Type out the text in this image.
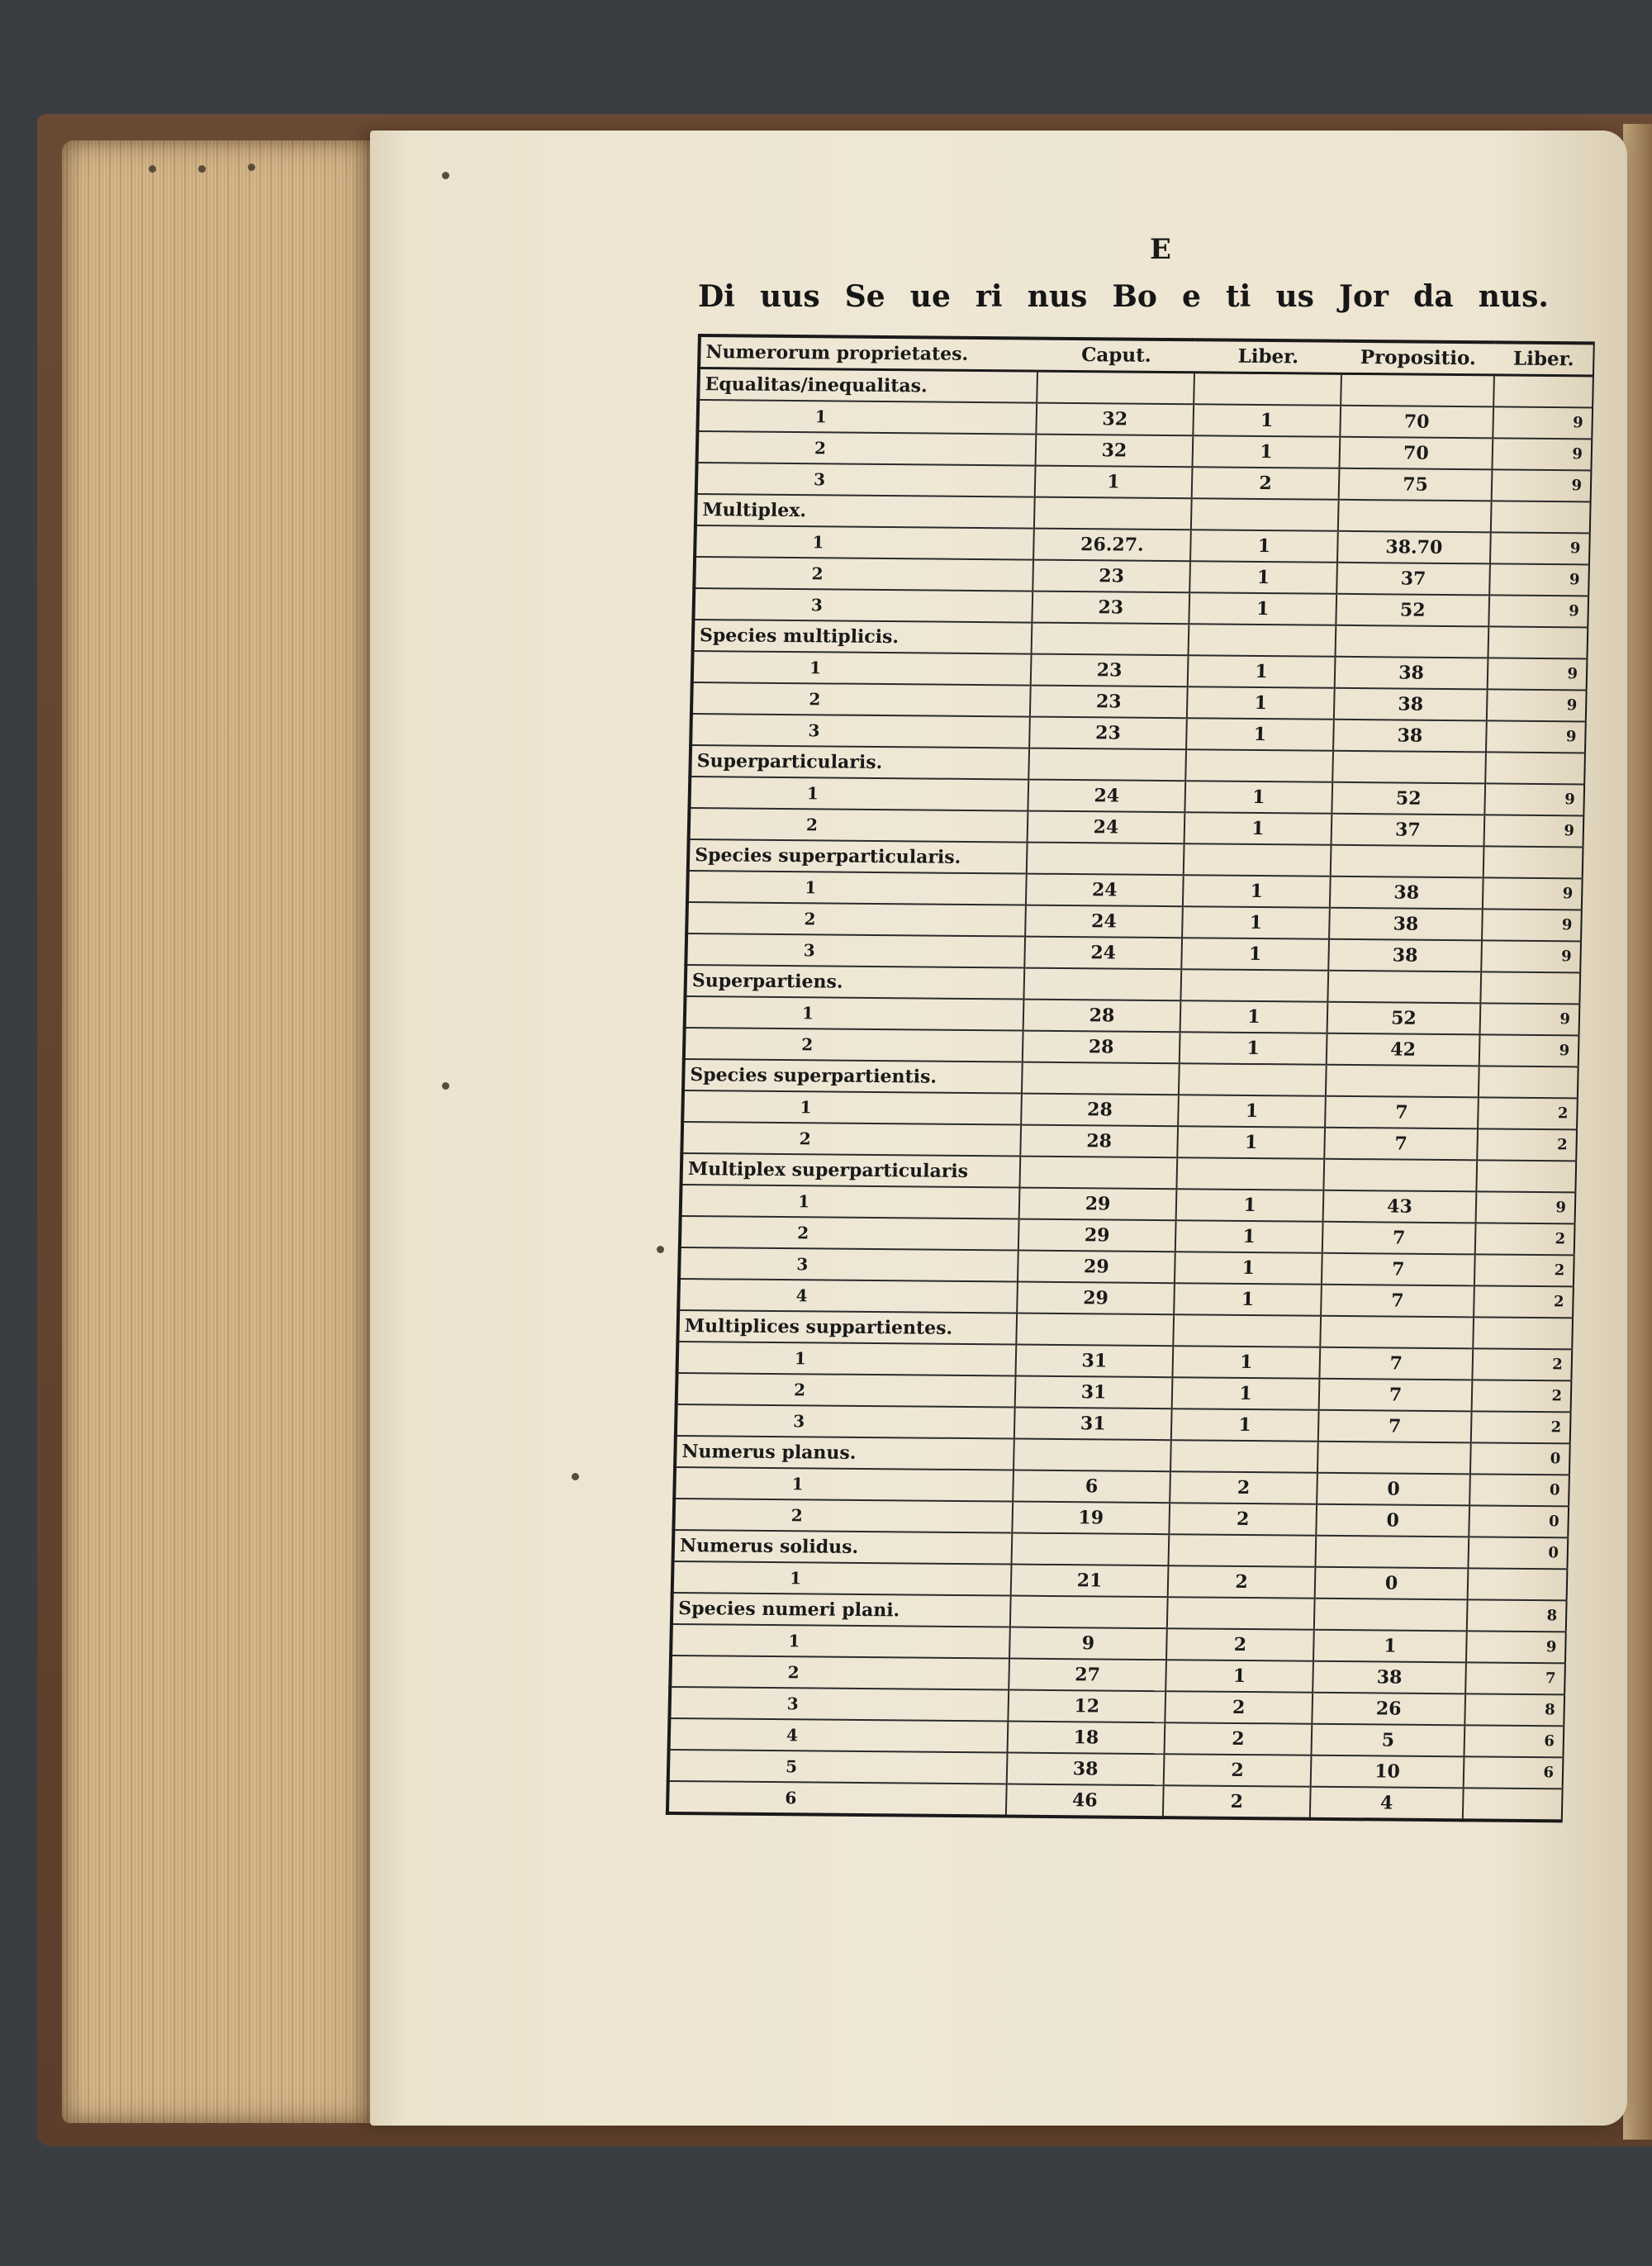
E
Di uus Se ue ri nus Bo e ti us Jor da nus.
Numerorum proprietates.	Caput.	Liber.	Propositio.	Liber.
Equalitas/inequalitas.				
1	32	1	70	9
2	32	1	70	9
3	1	2	75	9
Multiplex.				
1	26.27.	1	38.70	9
2	23	1	37	9
3	23	1	52	9
Species multiplicis.				
1	23	1	38	9
2	23	1	38	9
3	23	1	38	9
Superparticularis.				
1	24	1	52	9
2	24	1	37	9
Species superparticularis.				
1	24	1	38	9
2	24	1	38	9
3	24	1	38	9
Superpartiens.				
1	28	1	52	9
2	28	1	42	9
Species superpartientis.				
1	28	1	7	2
2	28	1	7	2
Multiplex superparticularis				
1	29	1	43	9
2	29	1	7	2
3	29	1	7	2
4	29	1	7	2
Multiplices suppartientes.				
1	31	1	7	2
2	31	1	7	2
3	31	1	7	2
Numerus planus.				0
1	6	2	0	0
2	19	2	0	0
Numerus solidus.				0
1	21	2	0	
Species numeri plani.				8
1	9	2	1	9
2	27	1	38	7
3	12	2	26	8
4	18	2	5	6
5	38	2	10	6
6	46	2	4	
